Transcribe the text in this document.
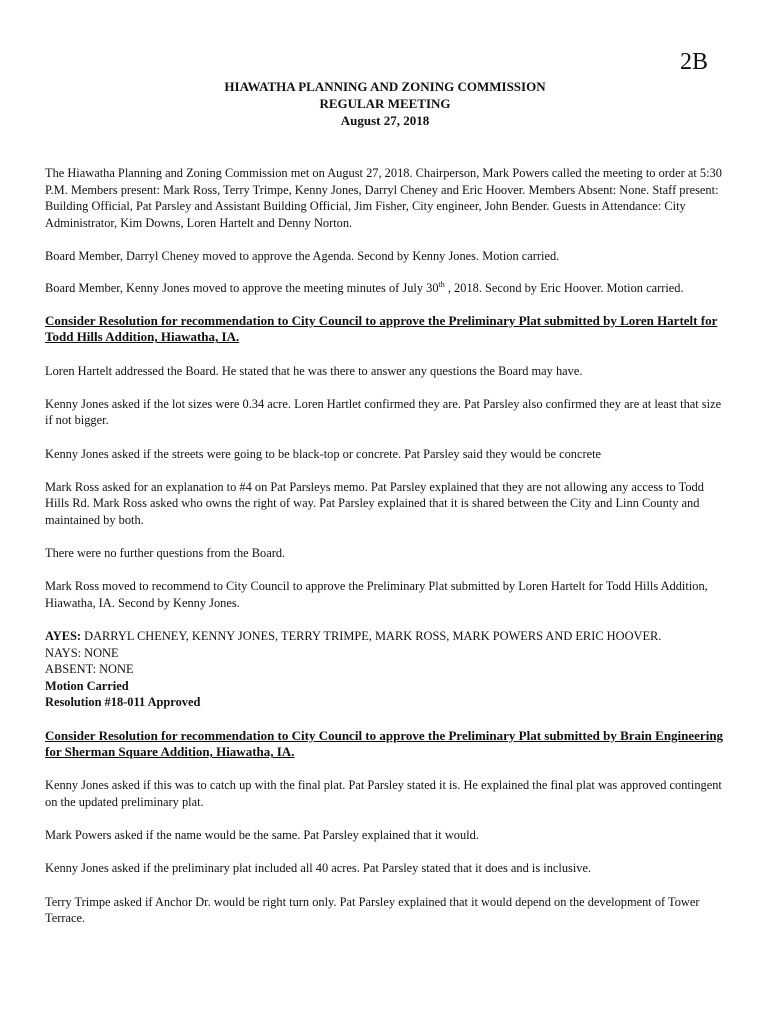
2B
HIAWATHA PLANNING AND ZONING COMMISSION
REGULAR MEETING
August 27, 2018

The Hiawatha Planning and Zoning Commission met on August 27, 2018. Chairperson, Mark Powers called the meeting to order at 5:30 P.M. Members present: Mark Ross, Terry Trimpe, Kenny Jones, Darryl Cheney and Eric Hoover. Members Absent: None. Staff present: Building Official, Pat Parsley and Assistant Building Official, Jim Fisher, City engineer, John Bender. Guests in Attendance: City Administrator, Kim Downs, Loren Hartelt and Denny Norton.

Board Member, Darryl Cheney moved to approve the Agenda. Second by Kenny Jones. Motion carried.

Board Member, Kenny Jones moved to approve the meeting minutes of July 30th , 2018. Second by Eric Hoover. Motion carried.

Consider Resolution for recommendation to City Council to approve the Preliminary Plat submitted by Loren Hartelt for Todd Hills Addition, Hiawatha, IA.

Loren Hartelt addressed the Board. He stated that he was there to answer any questions the Board may have.

Kenny Jones asked if the lot sizes were 0.34 acre. Loren Hartlet confirmed they are. Pat Parsley also confirmed they are at least that size if not bigger.

Kenny Jones asked if the streets were going to be black-top or concrete. Pat Parsley said they would be concrete

Mark Ross asked for an explanation to #4 on Pat Parsleys memo. Pat Parsley explained that they are not allowing any access to Todd Hills Rd. Mark Ross asked who owns the right of way. Pat Parsley explained that it is shared between the City and Linn County and maintained by both.

There were no further questions from the Board.

Mark Ross moved to recommend to City Council to approve the Preliminary Plat submitted by Loren Hartelt for Todd Hills Addition, Hiawatha, IA. Second by Kenny Jones.

AYES: DARRYL CHENEY, KENNY JONES, TERRY TRIMPE, MARK ROSS, MARK POWERS AND ERIC HOOVER.
NAYS: NONE
ABSENT: NONE
Motion Carried
Resolution #18-011 Approved
Consider Resolution for recommendation to City Council to approve the Preliminary Plat submitted by Brain Engineering for Sherman Square Addition, Hiawatha, IA.

Kenny Jones asked if this was to catch up with the final plat. Pat Parsley stated it is. He explained the final plat was approved contingent on the updated preliminary plat.

Mark Powers asked if the name would be the same. Pat Parsley explained that it would.

Kenny Jones asked if the preliminary plat included all 40 acres. Pat Parsley stated that it does and is inclusive.

Terry Trimpe asked if Anchor Dr. would be right turn only. Pat Parsley explained that it would depend on the development of Tower Terrace.
